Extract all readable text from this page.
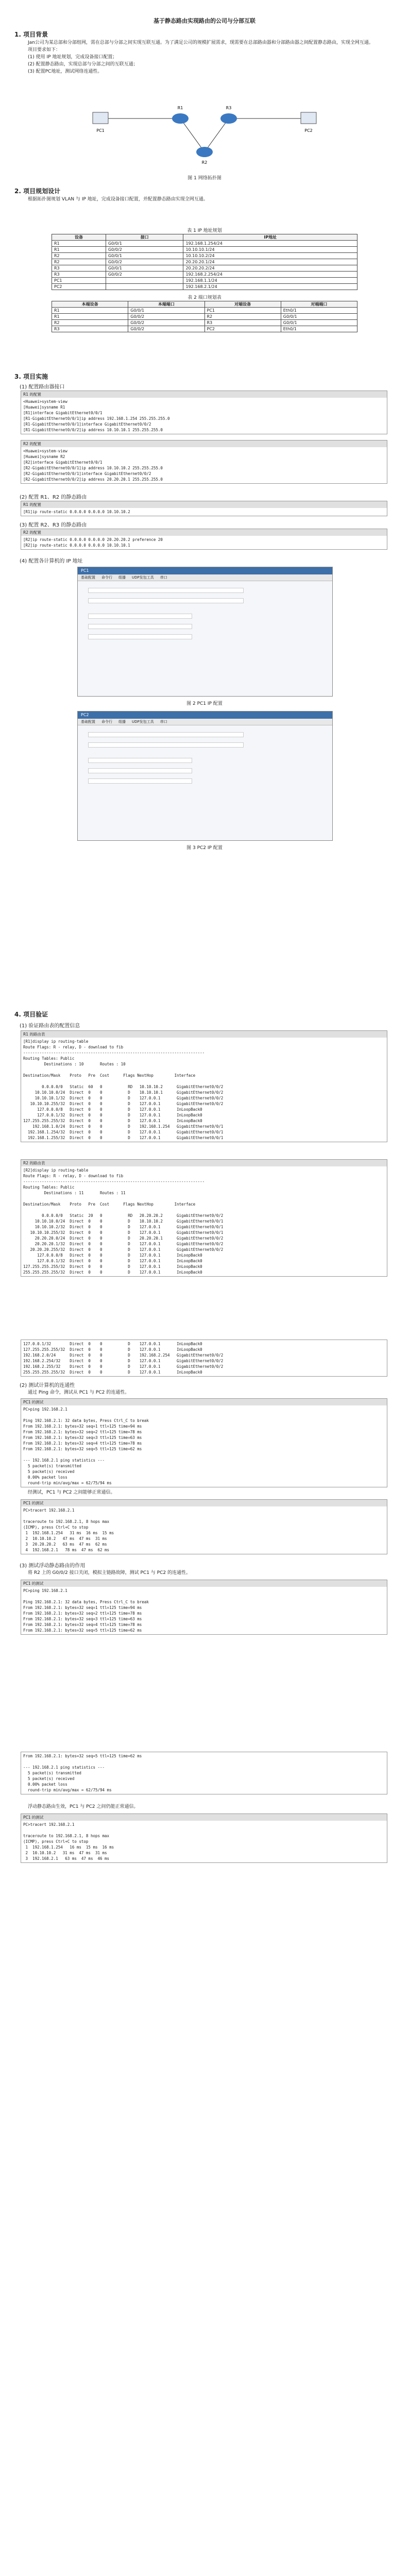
基于静态路由实现路由的公司与分部互联
1. 项目背景

Jan公司为某总部和分部组网，需在总部与分部之间实现互联互通。为了满足公司的规模扩展需求，现需要在总部路由器和分部路由器之间配置静态路由，实现全网互通。

项目要求如下：

(1) 使用 IP 地址规划，完成设备接口配置；

(2) 配置静态路由，实现总部与分部之间的互联互通；

(3) 配置PC地址，测试网络连通性。

PC1	PC2
R1
R2
R3
图 1 网络拓扑图
2. 项目规划设计

根据拓扑图规划 VLAN 与 IP 地址，完成设备接口配置，并配置静态路由实现全网互通。

表 1 IP 地址规划
设备	接口	IP地址
R1	G0/0/1	192.168.1.254/24
R1	G0/0/2	10.10.10.1/24
R2	G0/0/1	10.10.10.2/24
R2	G0/0/2	20.20.20.1/24
R3	G0/0/1	20.20.20.2/24
R3	G0/0/2	192.168.2.254/24
PC1		192.168.1.1/24
PC2		192.168.2.1/24
表 2 端口规划表
本端设备	本端端口	对端设备	对端端口
R1	G0/0/1	PC1	Eth0/1
R1	G0/0/2	R2	G0/0/1
R2	G0/0/2	R3	G0/0/1
R3	G0/0/2	PC2	Eth0/1
3. 项目实施
(1) 配置路由器接口
R1 的配置
<Huawei>system-view
[Huawei]sysname R1
[R1]interface GigabitEthernet0/0/1
[R1-GigabitEthernet0/0/1]ip address 192.168.1.254 255.255.255.0
[R1-GigabitEthernet0/0/1]interface GigabitEthernet0/0/2
[R1-GigabitEthernet0/0/2]ip address 10.10.10.1 255.255.255.0
R2 的配置
<Huawei>system-view
[Huawei]sysname R2
[R2]interface GigabitEthernet0/0/1
[R2-GigabitEthernet0/0/1]ip address 10.10.10.2 255.255.255.0
[R2-GigabitEthernet0/0/1]interface GigabitEthernet0/0/2
[R2-GigabitEthernet0/0/2]ip address 20.20.20.1 255.255.255.0
(2) 配置 R1、R2 的静态路由
R1 的配置
[R1]ip route-static 0.0.0.0 0.0.0.0 10.10.10.2
(3) 配置 R2、R3 的静态路由
R2 的配置
[R2]ip route-static 0.0.0.0 0.0.0.0 20.20.20.2 preference 20
[R2]ip route-static 0.0.0.0 0.0.0.0 10.10.10.1
(4) 配置各计算机的 IP 地址
PC1
基础配置 命令行 组播 UDP发包工具 串口
图 2 PC1 IP 配置
PC2
基础配置 命令行 组播 UDP发包工具 串口
图 3 PC2 IP 配置
4. 项目验证
(1) 验证路由表的配置信息
R1 的路由表
[R1]display ip routing-table
Route Flags: R - relay, D - download to fib
------------------------------------------------------------------------------
Routing Tables: Public
Destinations : 10       Routes : 10

Destination/Mask    Proto   Pre  Cost      Flags NextHop         Interface

0.0.0.0/0   Static  60   0           RD   10.10.10.2      GigabitEthernet0/0/2
10.10.10.0/24  Direct  0    0           D    10.10.10.1      GigabitEthernet0/0/2
10.10.10.1/32  Direct  0    0           D    127.0.0.1       GigabitEthernet0/0/2
10.10.10.255/32  Direct  0    0           D    127.0.0.1       GigabitEthernet0/0/2
127.0.0.0/8   Direct  0    0           D    127.0.0.1       InLoopBack0
127.0.0.1/32  Direct  0    0           D    127.0.0.1       InLoopBack0
127.255.255.255/32  Direct  0    0           D    127.0.0.1       InLoopBack0
192.168.1.0/24  Direct  0    0           D    192.168.1.254   GigabitEthernet0/0/1
192.168.1.254/32  Direct  0    0           D    127.0.0.1       GigabitEthernet0/0/1
192.168.1.255/32  Direct  0    0           D    127.0.0.1       GigabitEthernet0/0/1
R2 的路由表
[R2]display ip routing-table
Route Flags: R - relay, D - download to fib
------------------------------------------------------------------------------
Routing Tables: Public
Destinations : 11       Routes : 11

Destination/Mask    Proto   Pre  Cost      Flags NextHop         Interface

0.0.0.0/0   Static  20   0           RD   20.20.20.2      GigabitEthernet0/0/2
10.10.10.0/24  Direct  0    0           D    10.10.10.2      GigabitEthernet0/0/1
10.10.10.2/32  Direct  0    0           D    127.0.0.1       GigabitEthernet0/0/1
10.10.10.255/32  Direct  0    0           D    127.0.0.1       GigabitEthernet0/0/1
20.20.20.0/24  Direct  0    0           D    20.20.20.1      GigabitEthernet0/0/2
20.20.20.1/32  Direct  0    0           D    127.0.0.1       GigabitEthernet0/0/2
20.20.20.255/32  Direct  0    0           D    127.0.0.1       GigabitEthernet0/0/2
127.0.0.0/8   Direct  0    0           D    127.0.0.1       InLoopBack0
127.0.0.1/32  Direct  0    0           D    127.0.0.1       InLoopBack0
127.255.255.255/32  Direct  0    0           D    127.0.0.1       InLoopBack0
255.255.255.255/32  Direct  0    0           D    127.0.0.1       InLoopBack0
127.0.0.1/32        Direct  0    0           D    127.0.0.1       InLoopBack0
127.255.255.255/32  Direct  0    0           D    127.0.0.1       InLoopBack0
192.168.2.0/24      Direct  0    0           D    192.168.2.254   GigabitEthernet0/0/2
192.168.2.254/32    Direct  0    0           D    127.0.0.1       GigabitEthernet0/0/2
192.168.2.255/32    Direct  0    0           D    127.0.0.1       GigabitEthernet0/0/2
255.255.255.255/32  Direct  0    0           D    127.0.0.1       InLoopBack0
(2) 测试计算机的连通性

通过 Ping 命令，测试从 PC1 与 PC2 的连通性。

PC1 的测试
PC>ping 192.168.2.1

Ping 192.168.2.1: 32 data bytes, Press Ctrl_C to break
From 192.168.2.1: bytes=32 seq=1 ttl=125 time=94 ms
From 192.168.2.1: bytes=32 seq=2 ttl=125 time=78 ms
From 192.168.2.1: bytes=32 seq=3 ttl=125 time=63 ms
From 192.168.2.1: bytes=32 seq=4 ttl=125 time=78 ms
From 192.168.2.1: bytes=32 seq=5 ttl=125 time=62 ms

--- 192.168.2.1 ping statistics ---
5 packet(s) transmitted
5 packet(s) received
0.00% packet loss
round-trip min/avg/max = 62/75/94 ms

经测试，PC1 与 PC2 之间能够正常通信。

PC1 的测试
PC>tracert 192.168.2.1

traceroute to 192.168.2.1, 8 hops max
(ICMP), press Ctrl+C to stop
1  192.168.1.254   31 ms  16 ms  15 ms
2  10.10.10.2   47 ms  47 ms  31 ms
3  20.20.20.2   63 ms  47 ms  62 ms
4  192.168.2.1   78 ms  47 ms  62 ms
(3) 测试浮动静态路由的作用

将 R2 上的 G0/0/2 接口关闭，模拟主链路故障，测试 PC1 与 PC2 的连通性。

PC1 的测试
PC>ping 192.168.2.1

Ping 192.168.2.1: 32 data bytes, Press Ctrl_C to break
From 192.168.2.1: bytes=32 seq=1 ttl=125 time=94 ms
From 192.168.2.1: bytes=32 seq=2 ttl=125 time=78 ms
From 192.168.2.1: bytes=32 seq=3 ttl=125 time=63 ms
From 192.168.2.1: bytes=32 seq=4 ttl=125 time=78 ms
From 192.168.2.1: bytes=32 seq=5 ttl=125 time=62 ms
From 192.168.2.1: bytes=32 seq=5 ttl=125 time=62 ms

--- 192.168.2.1 ping statistics ---
5 packet(s) transmitted
5 packet(s) received
0.00% packet loss
round-trip min/avg/max = 62/75/94 ms

浮动静态路由生效，PC1 与 PC2 之间仍能正常通信。

PC1 的测试
PC>tracert 192.168.2.1

traceroute to 192.168.2.1, 8 hops max
(ICMP), press Ctrl+C to stop
1  192.168.1.254   16 ms  15 ms  16 ms
2  10.10.10.2   31 ms  47 ms  31 ms
3  192.168.2.1   63 ms  47 ms  46 ms
